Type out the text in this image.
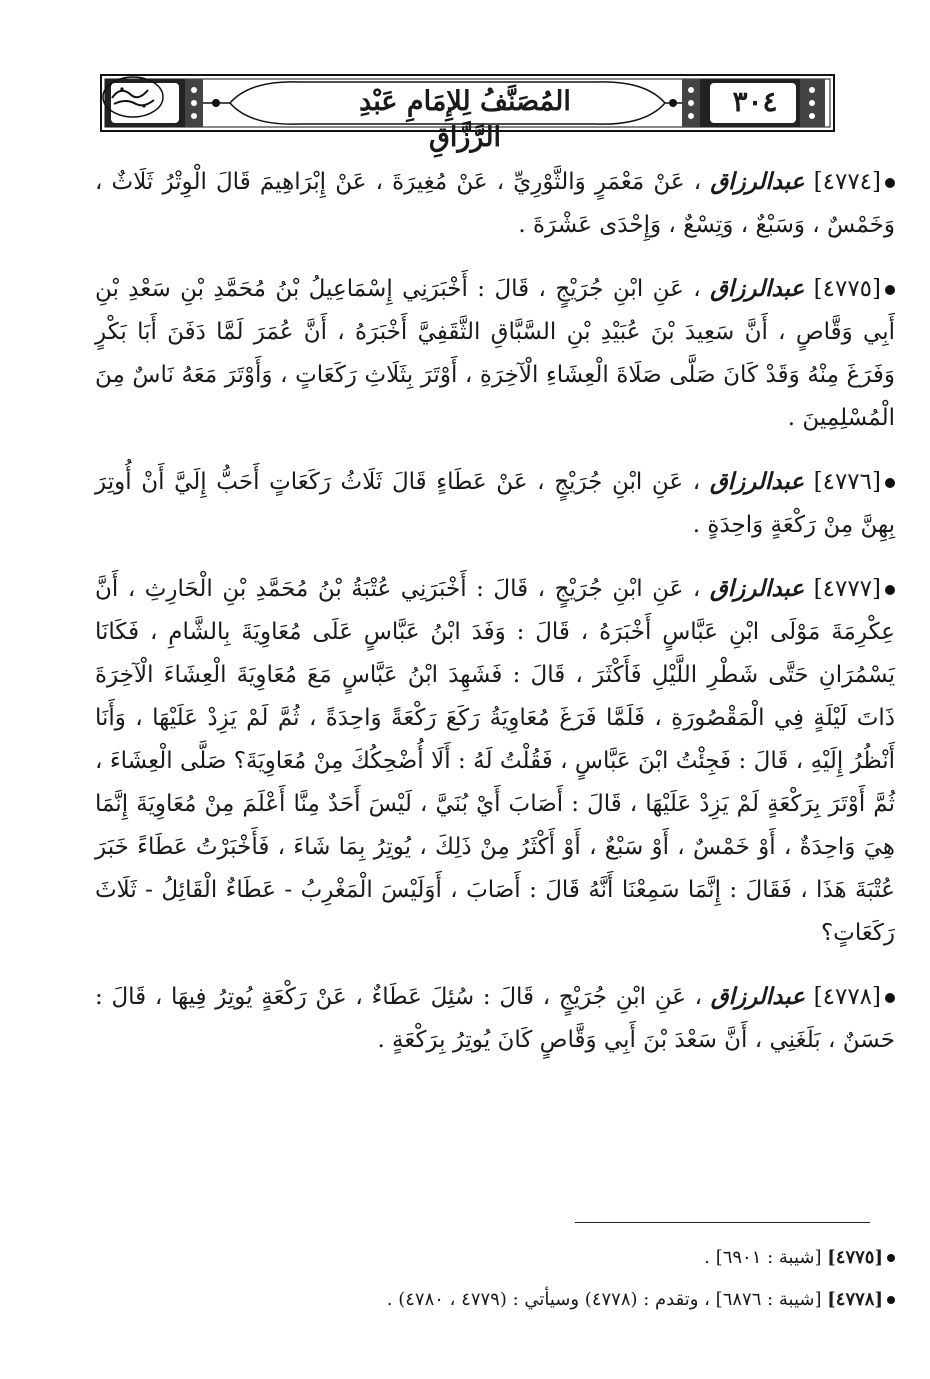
المُصَنَّفُ لِلإِمَامِ عَبْدِ الرَّزَّاقِ
٣٠٤

[٤٧٧٤] عبدالرزاق ، عَنْ مَعْمَرٍ وَالثَّوْرِيِّ ، عَنْ مُغِيرَةَ ، عَنْ إِبْرَاهِيمَ قَالَ الْوِتْرُ ثَلَاثٌ ، وَخَمْسٌ ، وَسَبْعٌ ، وَتِسْعٌ ، وَإِحْدَى عَشْرَةَ .

[٤٧٧٥] عبدالرزاق ، عَنِ ابْنِ جُرَيْجٍ ، قَالَ : أَخْبَرَنِي إِسْمَاعِيلُ بْنُ مُحَمَّدِ بْنِ سَعْدِ بْنِ أَبِي وَقَّاصٍ ، أَنَّ سَعِيدَ بْنَ عُبَيْدِ بْنِ السَّبَّاقِ الثَّقَفِيَّ أَخْبَرَهُ ، أَنَّ عُمَرَ لَمَّا دَفَنَ أَبَا بَكْرٍ وَفَرَغَ مِنْهُ وَقَدْ كَانَ صَلَّى صَلَاةَ الْعِشَاءِ الْآخِرَةِ ، أَوْتَرَ بِثَلَاثِ رَكَعَاتٍ ، وَأَوْتَرَ مَعَهُ نَاسٌ مِنَ الْمُسْلِمِينَ .

[٤٧٧٦] عبدالرزاق ، عَنِ ابْنِ جُرَيْجٍ ، عَنْ عَطَاءٍ قَالَ ثَلَاثُ رَكَعَاتٍ أَحَبُّ إِلَيَّ أَنْ أُوتِرَ بِهِنَّ مِنْ رَكْعَةٍ وَاحِدَةٍ .

[٤٧٧٧] عبدالرزاق ، عَنِ ابْنِ جُرَيْجٍ ، قَالَ : أَخْبَرَنِي عُتْبَةُ بْنُ مُحَمَّدِ بْنِ الْحَارِثِ ، أَنَّ عِكْرِمَةَ مَوْلَى ابْنِ عَبَّاسٍ أَخْبَرَهُ ، قَالَ : وَفَدَ ابْنُ عَبَّاسٍ عَلَى مُعَاوِيَةَ بِالشَّامِ ، فَكَانَا يَسْمُرَانِ حَتَّى شَطْرِ اللَّيْلِ فَأَكْثَرَ ، قَالَ : فَشَهِدَ ابْنُ عَبَّاسٍ مَعَ مُعَاوِيَةَ الْعِشَاءَ الْآخِرَةَ ذَاتَ لَيْلَةٍ فِي الْمَقْصُورَةِ ، فَلَمَّا فَرَغَ مُعَاوِيَةُ رَكَعَ رَكْعَةً وَاحِدَةً ، ثُمَّ لَمْ يَزِدْ عَلَيْهَا ، وَأَنَا أَنْظُرُ إِلَيْهِ ، قَالَ : فَجِئْتُ ابْنَ عَبَّاسٍ ، فَقُلْتُ لَهُ : أَلَا أُضْحِكُكَ مِنْ مُعَاوِيَةَ؟ صَلَّى الْعِشَاءَ ، ثُمَّ أَوْتَرَ بِرَكْعَةٍ لَمْ يَزِدْ عَلَيْهَا ، قَالَ : أَصَابَ أَيْ بُنَيَّ ، لَيْسَ أَحَدٌ مِنَّا أَعْلَمَ مِنْ مُعَاوِيَةَ إِنَّمَا هِيَ وَاحِدَةٌ ، أَوْ خَمْسٌ ، أَوْ سَبْعٌ ، أَوْ أَكْثَرُ مِنْ ذَلِكَ ، يُوتِرُ بِمَا شَاءَ ، فَأَخْبَرْتُ عَطَاءً خَبَرَ عُتْبَةَ هَذَا ، فَقَالَ : إِنَّمَا سَمِعْنَا أَنَّهُ قَالَ : أَصَابَ ، أَوَلَيْسَ الْمَغْرِبُ - عَطَاءٌ الْقَائِلُ - ثَلَاثَ رَكَعَاتٍ؟

[٤٧٧٨] عبدالرزاق ، عَنِ ابْنِ جُرَيْجٍ ، قَالَ : سُئِلَ عَطَاءٌ ، عَنْ رَكْعَةٍ يُوتِرُ فِيهَا ، قَالَ : حَسَنٌ ، بَلَغَنِي ، أَنَّ سَعْدَ بْنَ أَبِي وَقَّاصٍ كَانَ يُوتِرُ بِرَكْعَةٍ .

[٤٧٧٥] [شيبة : ٦٩٠١] .

[٤٧٧٨] [شيبة : ٦٨٧٦] ، وتقدم : (٤٧٧٨) وسيأتي : (٤٧٧٩ ، ٤٧٨٠) .
